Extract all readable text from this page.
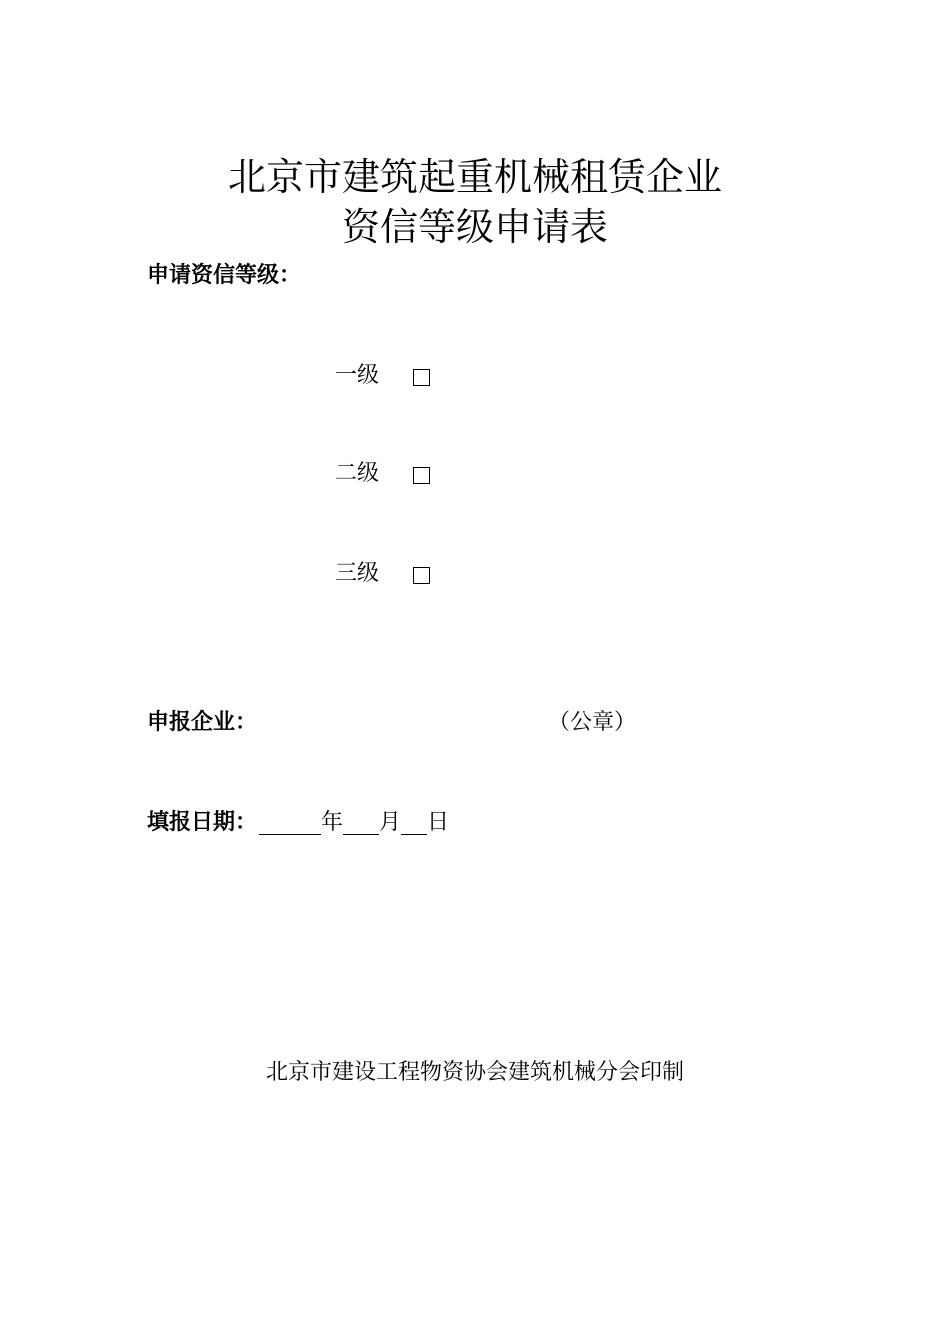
北京市建筑起重机械租赁企业
资信等级申请表
申请资信等级：
一级
二级
三级
申报企业：	（公章）
填报日期：	年 月 日
北京市建设工程物资协会建筑机械分会印制
